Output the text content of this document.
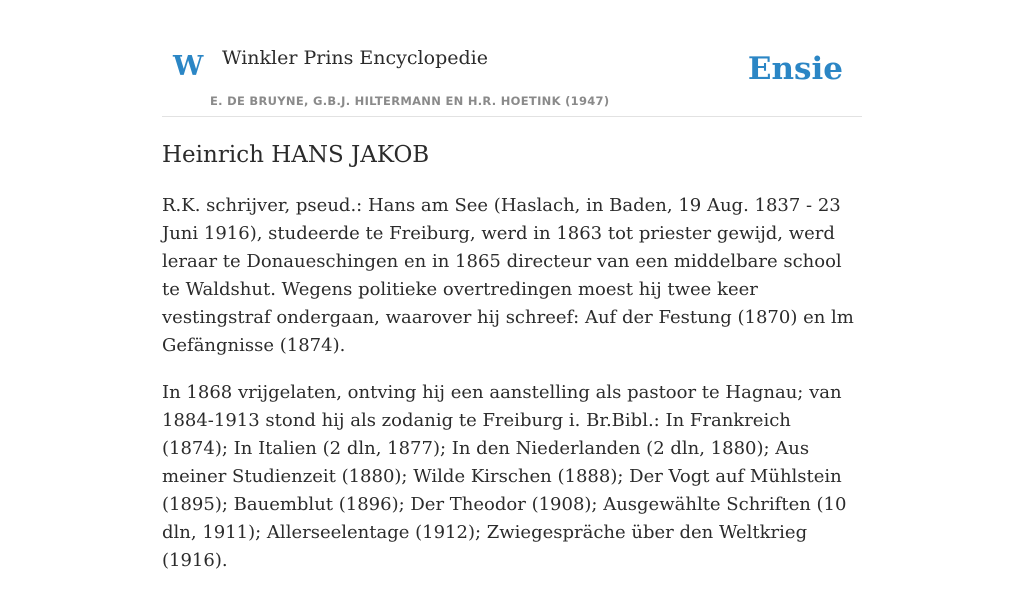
W Winkler Prins Encyclopedie
E. DE BRUYNE, G.B.J. HILTERMANN EN H.R. HOETINK (1947)
Ensie
Heinrich HANS JAKOB

R.K. schrijver, pseud.: Hans am See (Haslach, in Baden, 19 Aug. 1837 - 23 Juni 1916), studeerde te Freiburg, werd in 1863 tot priester gewijd, werd leraar te Donaueschingen en in 1865 directeur van een middelbare school te Waldshut. Wegens politieke overtredingen moest hij twee keer vestingstraf ondergaan, waarover hij schreef: Auf der Festung (1870) en lm Gefängnisse (1874).

In 1868 vrijgelaten, ontving hij een aanstelling als pastoor te Hagnau; van 1884-1913 stond hij als zodanig te Freiburg i. Br.Bibl.: In Frankreich (1874); In Italien (2 dln, 1877); In den Niederlanden (2 dln, 1880); Aus meiner Studienzeit (1880); Wilde Kirschen (1888); Der Vogt auf Mühlstein (1895); Bauemblut (1896); Der Theodor (1908); Ausgewählte Schriften (10 dln, 1911); Allerseelentage (1912); Zwiegespräche über den Weltkrieg (1916).
